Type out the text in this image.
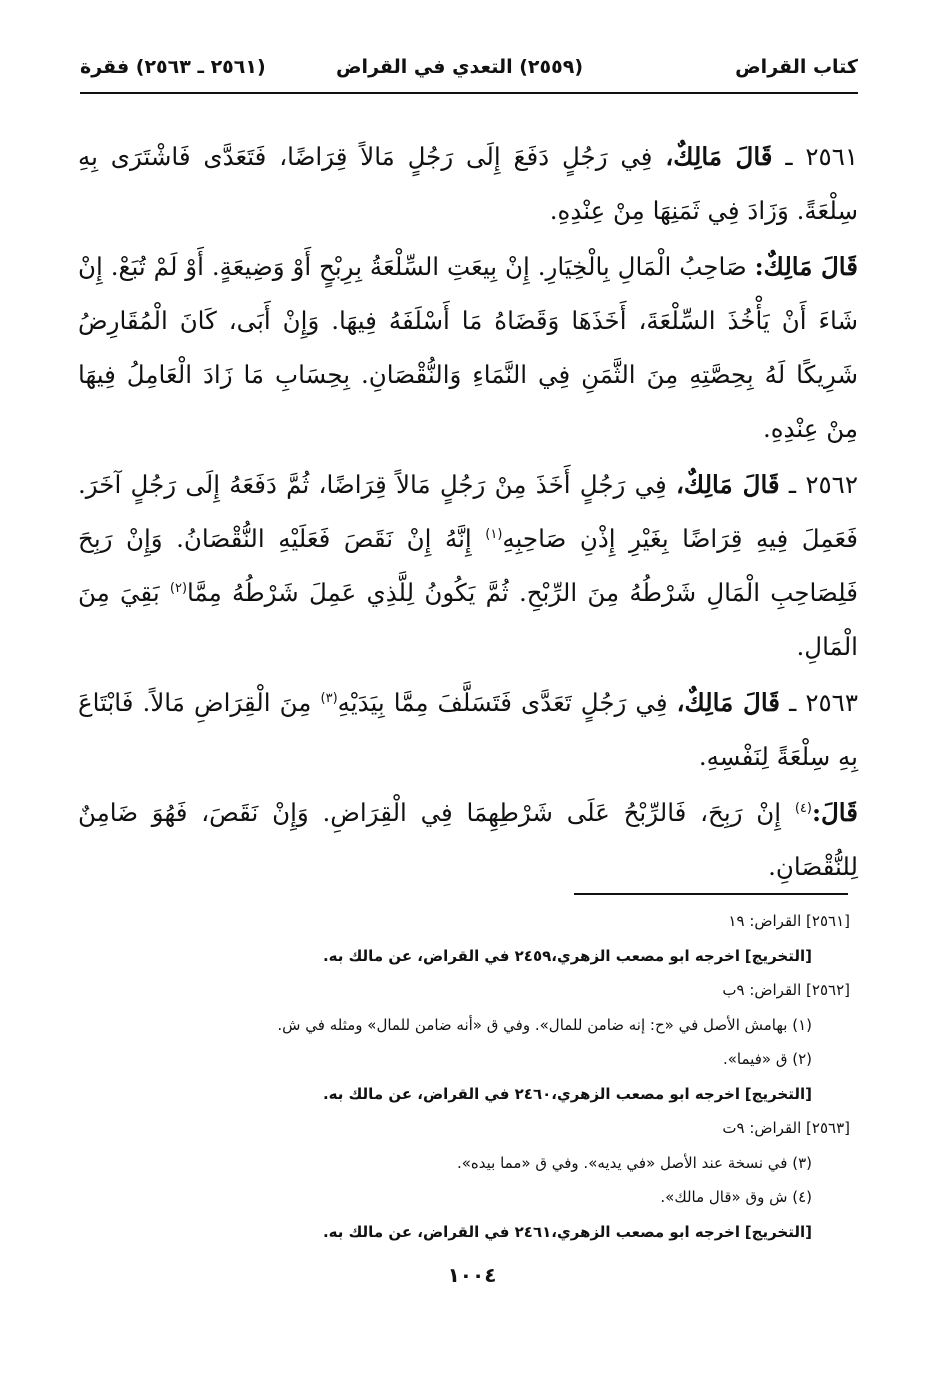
كتاب القراض
(٢٥٥٩) التعدي في القراض
(٢٥٦١ ـ ٢٥٦٣) فقرة

٢٥٦١ ـ قَالَ مَالِكٌ، فِي رَجُلٍ دَفَعَ إِلَى رَجُلٍ مَالاً قِرَاضًا، فَتَعَدَّى فَاشْتَرَى بِهِ سِلْعَةً. وَزَادَ فِي ثَمَنِهَا مِنْ عِنْدِهِ.

قَالَ مَالِكٌ: صَاحِبُ الْمَالِ بِالْخِيَارِ. إِنْ بِيعَتِ السِّلْعَةُ بِرِبْحٍ أَوْ وَضِيعَةٍ. أَوْ لَمْ تُبَعْ. إِنْ شَاءَ أَنْ يَأْخُذَ السِّلْعَةَ، أَخَذَهَا وَقَضَاهُ مَا أَسْلَفَهُ فِيهَا. وَإِنْ أَبَى، كَانَ الْمُقَارِضُ شَرِيكًا لَهُ بِحِصَّتِهِ مِنَ الثَّمَنِ فِي النَّمَاءِ وَالنُّقْصَانِ. بِحِسَابِ مَا زَادَ الْعَامِلُ فِيهَا مِنْ عِنْدِهِ.

٢٥٦٢ ـ قَالَ مَالِكٌ، فِي رَجُلٍ أَخَذَ مِنْ رَجُلٍ مَالاً قِرَاضًا، ثُمَّ دَفَعَهُ إِلَى رَجُلٍ آخَرَ. فَعَمِلَ فِيهِ قِرَاضًا بِغَيْرِ إِذْنِ صَاحِبِهِ$^{(١)}$ إِنَّهُ إِنْ نَقَصَ فَعَلَيْهِ النُّقْصَانُ. وَإِنْ رَبِحَ فَلِصَاحِبِ الْمَالِ شَرْطُهُ مِنَ الرِّبْحِ. ثُمَّ يَكُونُ لِلَّذِي عَمِلَ شَرْطُهُ مِمَّا$^{(٢)}$ بَقِيَ مِنَ الْمَالِ.

٢٥٦٣ ـ قَالَ مَالِكٌ، فِي رَجُلٍ تَعَدَّى فَتَسَلَّفَ مِمَّا بِيَدَيْهِ$^{(٣)}$ مِنَ الْقِرَاضِ مَالاً. فَابْتَاعَ بِهِ سِلْعَةً لِنَفْسِهِ.

قَالَ:$^{(٤)}$ إِنْ رَبِحَ، فَالرِّبْحُ عَلَى شَرْطِهِمَا فِي الْقِرَاضِ. وَإِنْ نَقَصَ، فَهُوَ ضَامِنٌ لِلنُّقْصَانِ.

[٢٥٦١] القراض: ١٩
[التخريج] اخرجه ابو مصعب الزهري،٢٤٥٩ في القراض، عن مالك به.
[٢٥٦٢] القراض: ٩ب
(١) بهامش الأصل في «ح: إنه ضامن للمال». وفي ق «أنه ضامن للمال» ومثله في ش.
(٢) ق «فيما».
[التخريج] اخرجه ابو مصعب الزهري،٢٤٦٠ في القراض، عن مالك به.
[٢٥٦٣] القراض: ٩ت
(٣) في نسخة عند الأصل «في يديه». وفي ق «مما بيده».
(٤) ش وق «قال مالك».
[التخريج] اخرجه ابو مصعب الزهري،٢٤٦١ في القراض، عن مالك به.
١٠٠٤
